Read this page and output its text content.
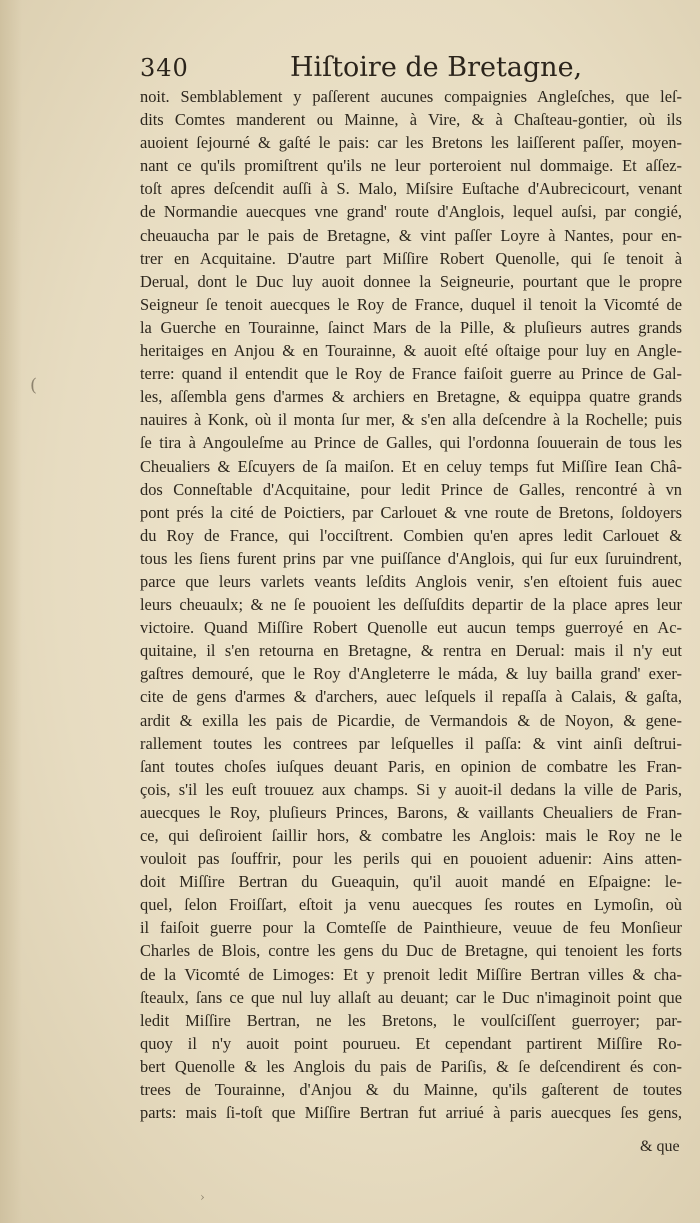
340	Hiſtoire de Bretagne,
noit. Semblablement y paſſerent aucunes compaignies Angleſches, que leſ-
dits Comtes manderent ou Mainne, à Vire, & à Chaſteau-gontier, où ils
auoient ſejourné & gaſté le pais: car les Bretons les laiſſerent paſſer, moyen-
nant ce qu'ils promiſtrent qu'ils ne leur porteroient nul dommaige. Et aſſez-
toſt apres deſcendit auſſi à S. Malo, Miſsire Euſtache d'Aubrecicourt, venant
de Normandie auecques vne grand' route d'Anglois, lequel auſsi, par congié,
cheuaucha par le pais de Bretagne, & vint paſſer Loyre à Nantes, pour en-
trer en Acquitaine. D'autre part Miſſire Robert Quenolle, qui ſe tenoit à
Derual, dont le Duc luy auoit donnee la Seigneurie, pourtant que le propre
Seigneur ſe tenoit auecques le Roy de France, duquel il tenoit la Vicomté de
la Guerche en Tourainne, ſainct Mars de la Pille, & pluſieurs autres grands
heritaiges en Anjou & en Tourainne, & auoit eſté oſtaige pour luy en Angle-
terre: quand il entendit que le Roy de France faiſoit guerre au Prince de Gal-
les, aſſembla gens d'armes & archiers en Bretagne, & equippa quatre grands
nauires à Konk, où il monta ſur mer, & s'en alla deſcendre à la Rochelle; puis
ſe tira à Angouleſme au Prince de Galles, qui l'ordonna ſouuerain de tous les
Cheualiers & Eſcuyers de ſa maiſon. Et en celuy temps fut Miſſire Iean Châ-
dos Conneſtable d'Acquitaine, pour ledit Prince de Galles, rencontré à vn
pont prés la cité de Poictiers, par Carlouet & vne route de Bretons, ſoldoyers
du Roy de France, qui l'occiſtrent. Combien qu'en apres ledit Carlouet &
tous les ſiens furent prins par vne puiſſance d'Anglois, qui ſur eux ſuruindrent,
parce que leurs varlets veants leſdits Anglois venir, s'en eſtoient fuis auec
leurs cheuaulx; & ne ſe pouoient les deſſuſdits departir de la place apres leur
victoire. Quand Miſſire Robert Quenolle eut aucun temps guerroyé en Ac-
quitaine, il s'en retourna en Bretagne, & rentra en Derual: mais il n'y eut
gaſtres demouré, que le Roy d'Angleterre le máda, & luy bailla grand' exer-
cite de gens d'armes & d'archers, auec leſquels il repaſſa à Calais, & gaſta,
ardit & exilla les pais de Picardie, de Vermandois & de Noyon, & gene-
rallement toutes les contrees par leſquelles il paſſa: & vint ainſi deſtrui-
ſant toutes choſes iuſques deuant Paris, en opinion de combatre les Fran-
çois, s'il les euſt trouuez aux champs. Si y auoit-il dedans la ville de Paris,
auecques le Roy, pluſieurs Princes, Barons, & vaillants Cheualiers de Fran-
ce, qui deſiroient ſaillir hors, & combatre les Anglois: mais le Roy ne le
vouloit pas ſouffrir, pour les perils qui en pouoient aduenir: Ains atten-
doit Miſſire Bertran du Gueaquin, qu'il auoit mandé en Eſpaigne: le-
quel, ſelon Froiſſart, eſtoit ja venu auecques ſes routes en Lymoſin, où
il faiſoit guerre pour la Comteſſe de Painthieure, veuue de feu Monſieur
Charles de Blois, contre les gens du Duc de Bretagne, qui tenoient les forts
de la Vicomté de Limoges: Et y prenoit ledit Miſſire Bertran villes & cha-
ſteaulx, ſans ce que nul luy allaſt au deuant; car le Duc n'imaginoit point que
ledit Miſſire Bertran, ne les Bretons, le voulſciſſent guerroyer; par-
quoy il n'y auoit point pourueu. Et cependant partirent Miſſire Ro-
bert Quenolle & les Anglois du pais de Pariſis, & ſe deſcendirent és con-
trees de Tourainne, d'Anjou & du Mainne, qu'ils gaſterent de toutes
parts: mais ſi-toſt que Miſſire Bertran fut arriué à paris auecques ſes gens,
& que
(
›
